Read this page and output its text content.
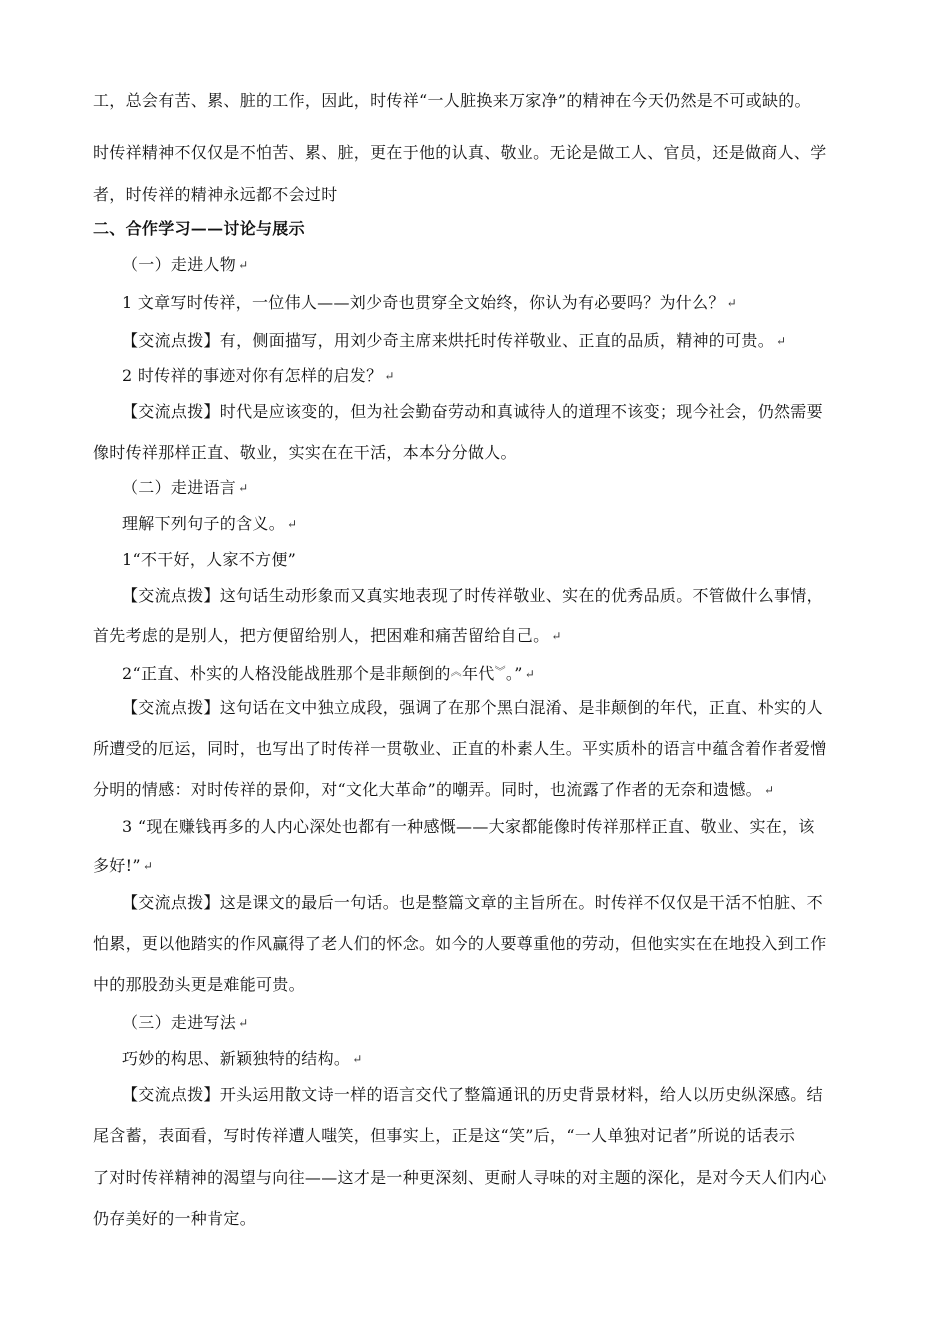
工，总会有苦、累、脏的工作，因此，时传祥“一人脏换来万家净”的精神在今天仍然是不可或缺的。

时传祥精神不仅仅是不怕苦、累、脏，更在于他的认真、敬业。无论是做工人、官员，还是做商人、学

者，时传祥的精神永远都不会过时

二、合作学习——讨论与展示

（一）走进人物 ↵

1 文章写时传祥，一位伟人——刘少奇也贯穿全文始终，你认为有必要吗？为什么？ ↵

【交流点拨】有，侧面描写，用刘少奇主席来烘托时传祥敬业、正直的品质，精神的可贵。 ↵

2 时传祥的事迹对你有怎样的启发？ ↵

【交流点拨】时代是应该变的，但为社会勤奋劳动和真诚待人的道理不该变；现今社会，仍然需要

像时传祥那样正直、敬业，实实在在干活，本本分分做人。

（二）走进语言 ↵

理解下列句子的含义。 ↵

1“不干好，人家不方便”

【交流点拨】这句话生动形象而又真实地表现了时传祥敬业、实在的优秀品质。不管做什么事情，

首先考虑的是别人，把方便留给别人，把困难和痛苦留给自己。 ↵

2“正直、朴实的人格没能战胜那个是非颠倒的︽年代︾。” ↵

【交流点拨】这句话在文中独立成段，强调了在那个黑白混淆、是非颠倒的年代，正直、朴实的人

所遭受的厄运，同时，也写出了时传祥一贯敬业、正直的朴素人生。平实质朴的语言中蕴含着作者爱憎

分明的情感：对时传祥的景仰，对“文化大革命”的嘲弄。同时，也流露了作者的无奈和遗憾。 ↵

3 “现在赚钱再多的人内心深处也都有一种感慨——大家都能像时传祥那样正直、敬业、实在，该

多好!” ↵

【交流点拨】这是课文的最后一句话。也是整篇文章的主旨所在。时传祥不仅仅是干活不怕脏、不

怕累，更以他踏实的作风赢得了老人们的怀念。如今的人要尊重他的劳动，但他实实在在地投入到工作

中的那股劲头更是难能可贵。

（三）走进写法 ↵

巧妙的构思、新颖独特的结构。 ↵

【交流点拨】开头运用散文诗一样的语言交代了整篇通讯的历史背景材料，给人以历史纵深感。结

尾含蓄，表面看，写时传祥遭人嗤笑，但事实上，正是这“笑”后，“一人单独对记者”所说的话表示

了对时传祥精神的渴望与向往——这才是一种更深刻、更耐人寻味的对主题的深化，是对今天人们内心

仍存美好的一种肯定。
